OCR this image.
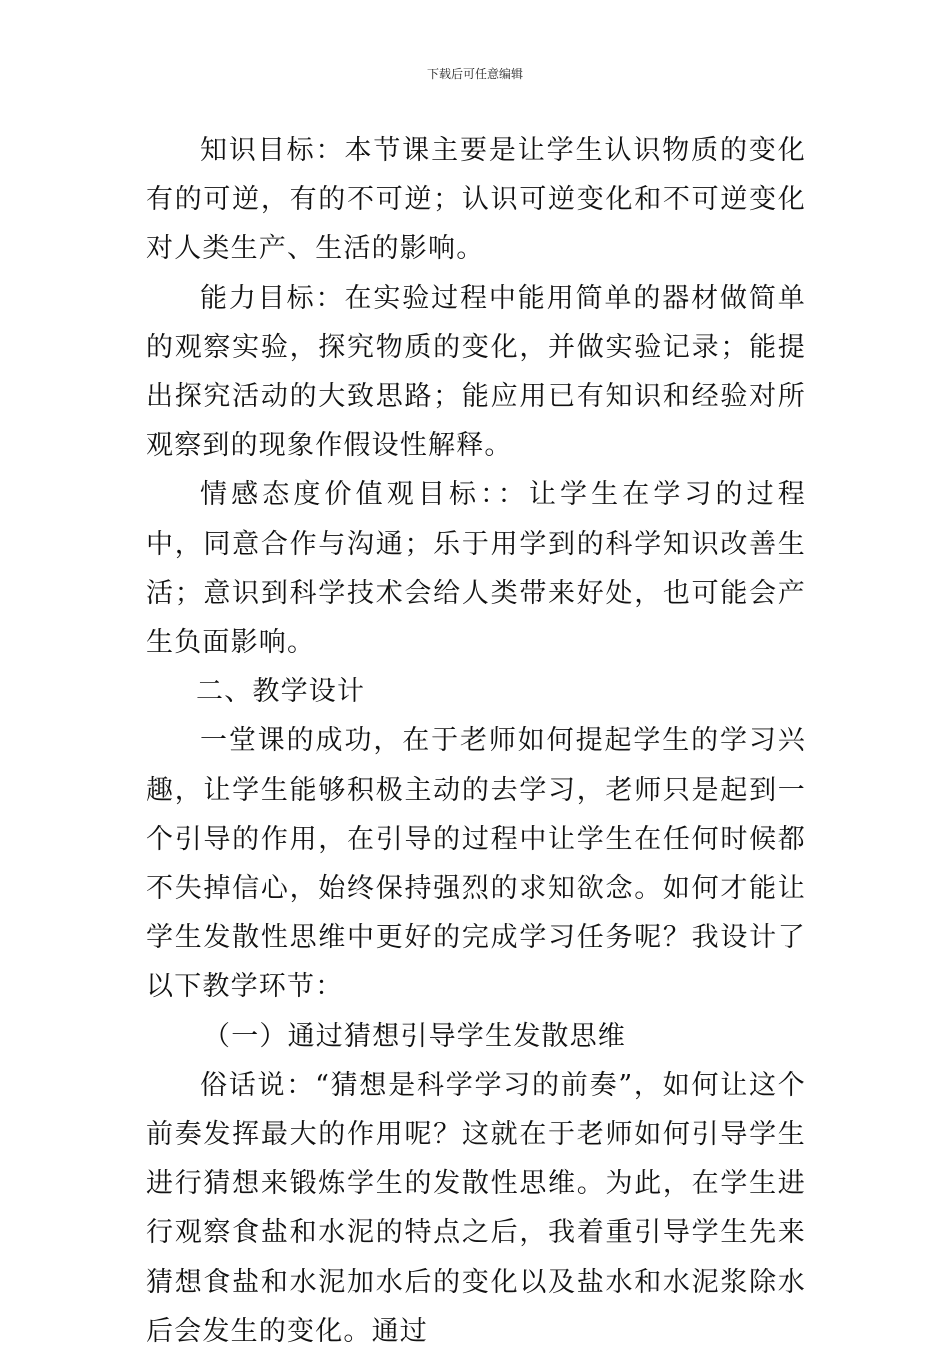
下载后可任意编辑

知识目标：本节课主要是让学生认识物质的变化有的可逆，有的不可逆；认识可逆变化和不可逆变化对人类生产、生活的影响。

能力目标：在实验过程中能用简单的器材做简单的观察实验，探究物质的变化，并做实验记录；能提出探究活动的大致思路；能应用已有知识和经验对所观察到的现象作假设性解释。

情感态度价值观目标：：让学生在学习的过程中，同意合作与沟通；乐于用学到的科学知识改善生活；意识到科学技术会给人类带来好处，也可能会产生负面影响。

二、教学设计

一堂课的成功，在于老师如何提起学生的学习兴趣，让学生能够积极主动的去学习，老师只是起到一个引导的作用，在引导的过程中让学生在任何时候都不失掉信心，始终保持强烈的求知欲念。如何才能让学生发散性思维中更好的完成学习任务呢？我设计了以下教学环节：

（一）通过猜想引导学生发散思维

俗话说：“猜想是科学学习的前奏”，如何让这个前奏发挥最大的作用呢？这就在于老师如何引导学生进行猜想来锻炼学生的发散性思维。为此，在学生进行观察食盐和水泥的特点之后，我着重引导学生先来猜想食盐和水泥加水后的变化以及盐水和水泥浆除水后会发生的变化。通过
